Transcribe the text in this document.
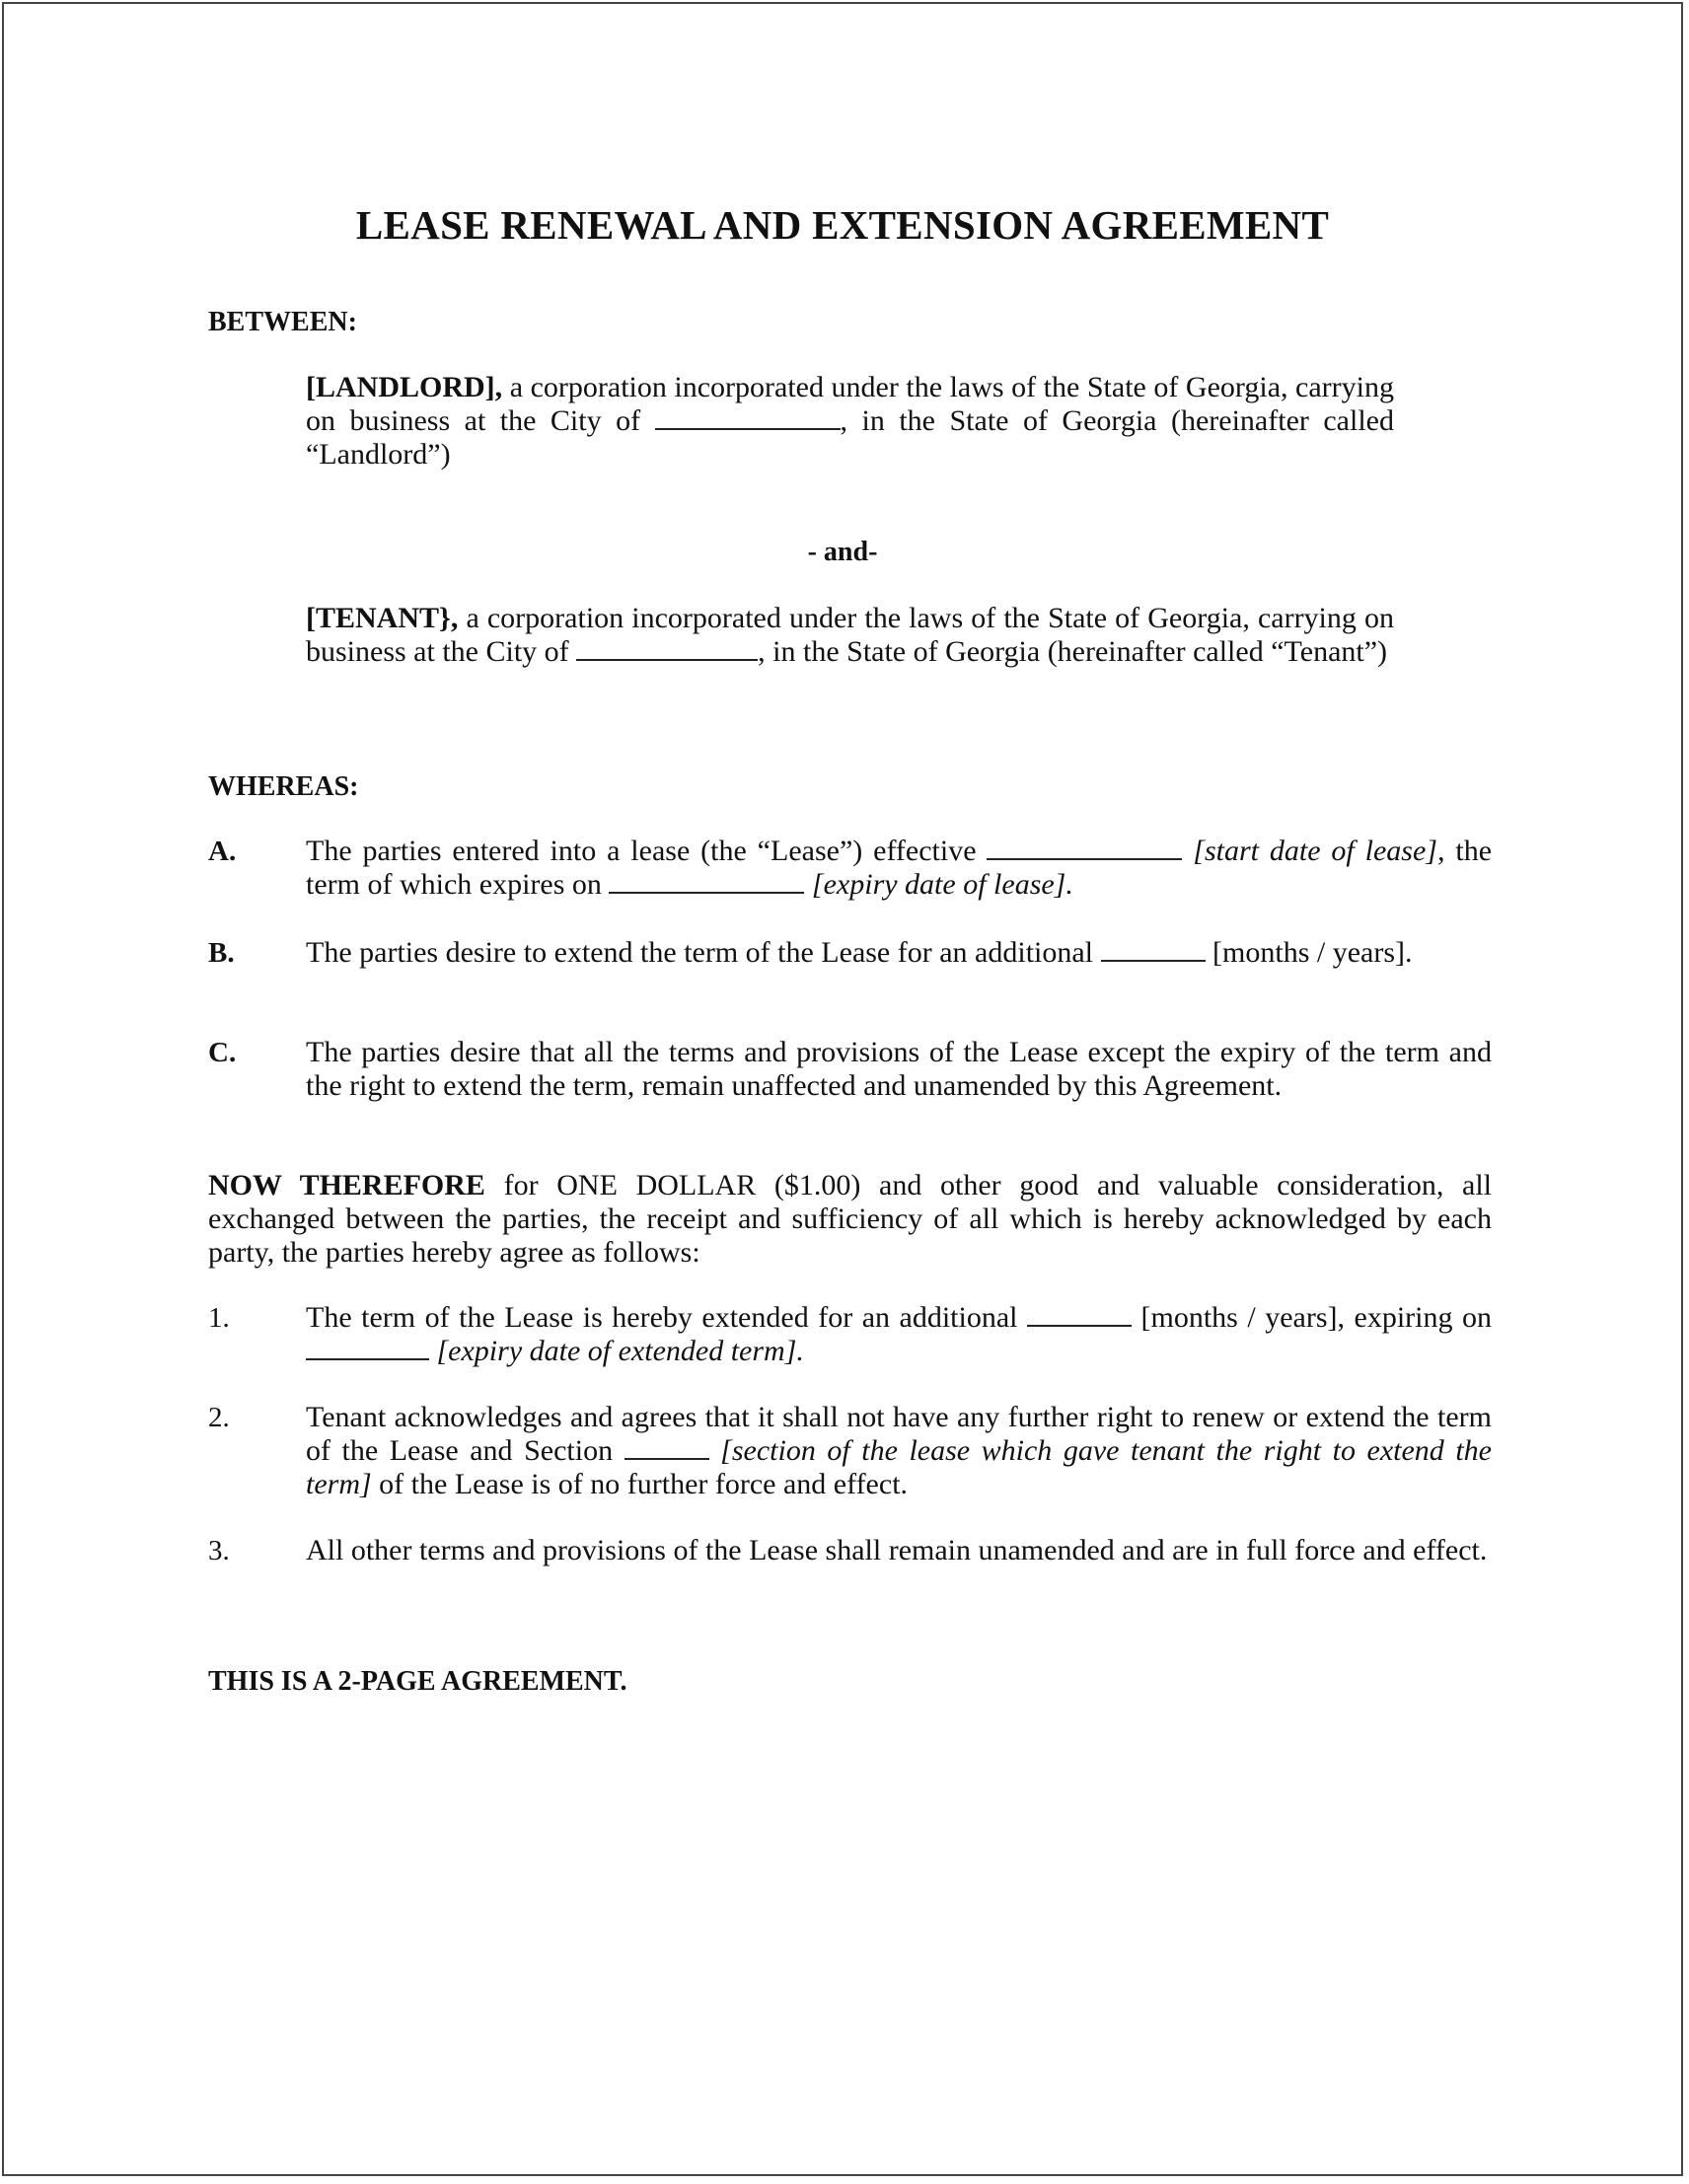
LEASE RENEWAL AND EXTENSION AGREEMENT
BETWEEN:
[LANDLORD], a corporation incorporated under the laws of the State of Georgia, carrying on business at the City of	, in the State of Georgia (hereinafter called “Landlord”)
- and-
[TENANT}, a corporation incorporated under the laws of the State of Georgia, carrying on business at the City of	, in the State of Georgia (hereinafter called “Tenant”)
WHEREAS:
A. The parties entered into a lease (the “Lease”) effective	[start date of lease], the term of which expires on	[expiry date of lease].
B. The parties desire to extend the term of the Lease for an additional	[months / years].
C. The parties desire that all the terms and provisions of the Lease except the expiry of the term and the right to extend the term, remain unaffected and unamended by this Agreement.
NOW THEREFORE for ONE DOLLAR ($1.00) and other good and valuable consideration, all exchanged between the parties, the receipt and sufficiency of all which is hereby acknowledged by each party, the parties hereby agree as follows:
1.	The term of the Lease is hereby extended for an additional	[months / years], expiring on  [expiry date of extended term].
2.	Tenant acknowledges and agrees that it shall not have any further right to renew or extend the term of the Lease and Section	[section of the lease which gave tenant the right to extend the term] of the Lease is of no further force and effect.
3.	All other terms and provisions of the Lease shall remain unamended and are in full force and effect.
THIS IS A 2-PAGE AGREEMENT.
